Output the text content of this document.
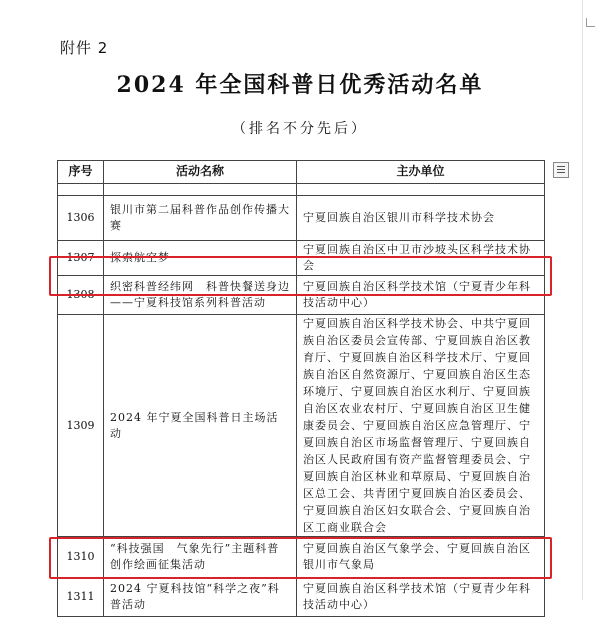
附件 2
2024 年全国科普日优秀活动名单
（排名不分先后）
序号	活动名称	主办单位

1306	银川市第二届科普作品创作传播大赛	宁夏回族自治区银川市科学技术协会
1307	探索航空梦	宁夏回族自治区中卫市沙坡头区科学技术协会
1308	织密科普经纬网　科普快餐送身边——宁夏科技馆系列科普活动	宁夏回族自治区科学技术馆（宁夏青少年科技活动中心）
1309	2024 年宁夏全国科普日主场活动	宁夏回族自治区科学技术协会、中共宁夏回族自治区委员会宣传部、宁夏回族自治区教育厅、宁夏回族自治区科学技术厅、宁夏回族自治区自然资源厅、宁夏回族自治区生态环境厅、宁夏回族自治区水利厅、宁夏回族自治区农业农村厅、宁夏回族自治区卫生健康委员会、宁夏回族自治区应急管理厅、宁夏回族自治区市场监督管理厅、宁夏回族自治区人民政府国有资产监督管理委员会、宁夏回族自治区林业和草原局、宁夏回族自治区总工会、共青团宁夏回族自治区委员会、宁夏回族自治区妇女联合会、宁夏回族自治区工商业联合会
1310	“科技强国　气象先行”主题科普创作绘画征集活动	宁夏回族自治区气象学会、宁夏回族自治区银川市气象局
1311	2024 宁夏科技馆“科学之夜”科普活动	宁夏回族自治区科学技术馆（宁夏青少年科技活动中心）
